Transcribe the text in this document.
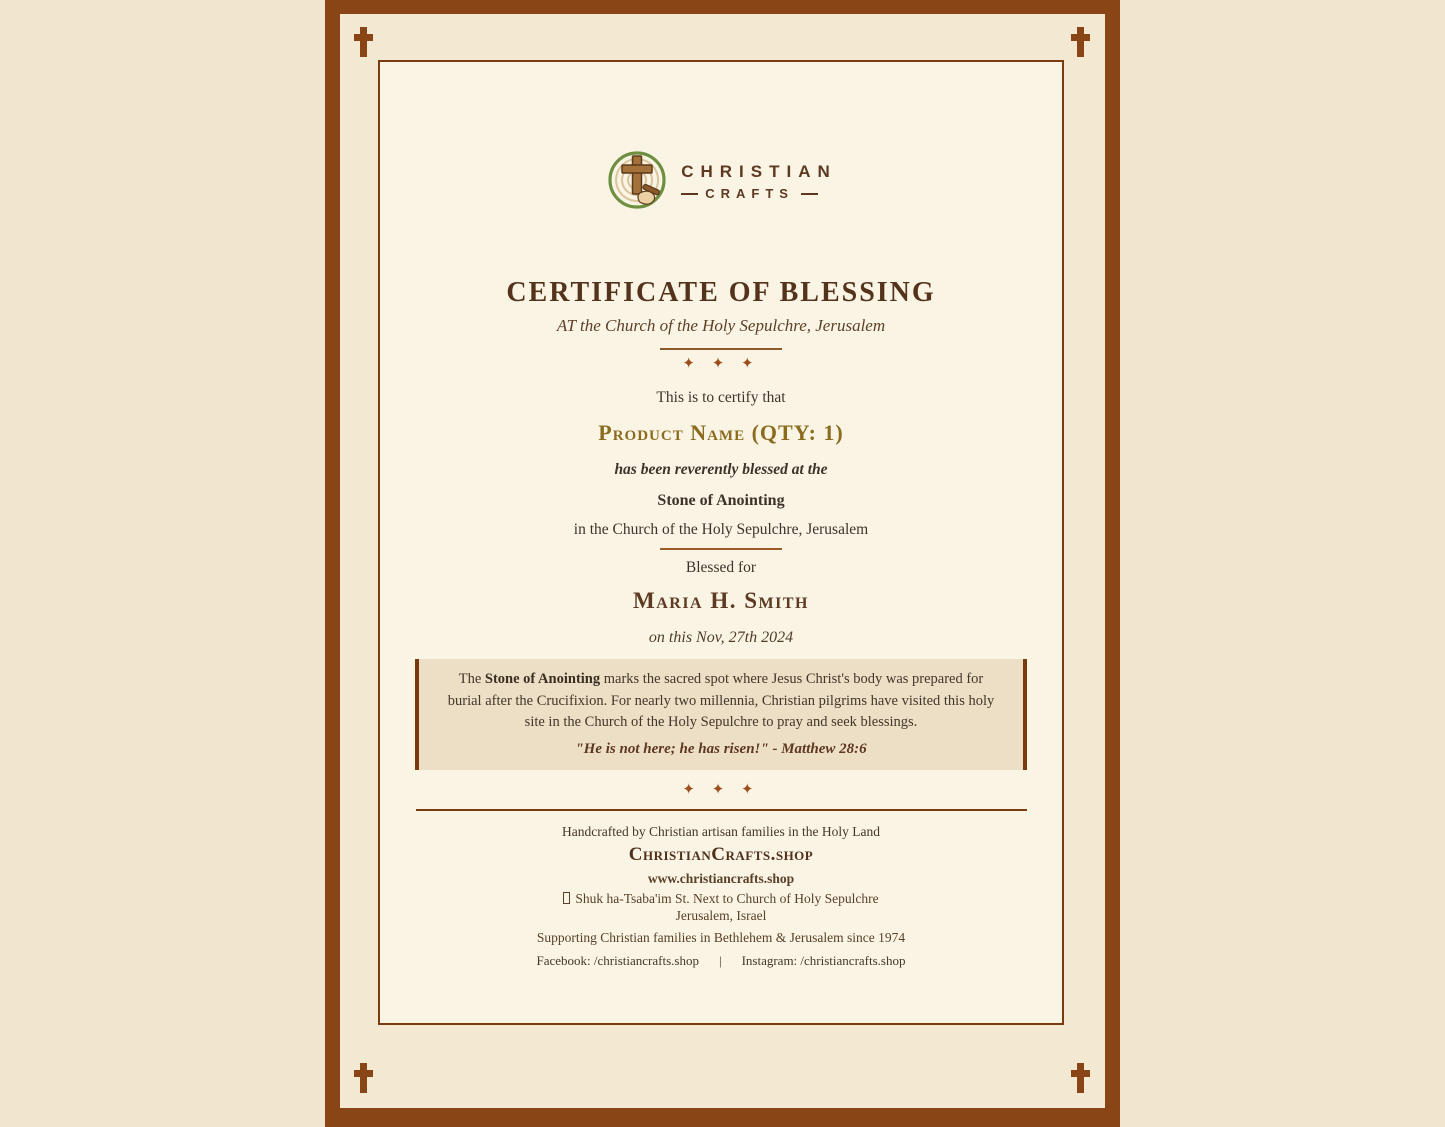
CHRISTIAN
CRAFTS
CERTIFICATE OF BLESSING
AT the Church of the Holy Sepulchre, Jerusalem
✦ ✦ ✦
This is to certify that
Product Name (QTY: 1)
has been reverently blessed at the
Stone of Anointing
in the Church of the Holy Sepulchre, Jerusalem
Blessed for
Maria H. Smith
on this Nov, 27th 2024

The Stone of Anointing marks the sacred spot where Jesus Christ's body was prepared for burial after the Crucifixion. For nearly two millennia, Christian pilgrims have visited this holy site in the Church of the Holy Sepulchre to pray and seek blessings.

"He is not here; he has risen!" - Matthew 28:6

✦ ✦ ✦
Handcrafted by Christian artisan families in the Holy Land
ChristianCrafts.shop
www.christiancrafts.shop
Shuk ha-Tsaba'im St. Next to Church of Holy Sepulchre
Jerusalem, Israel
Supporting Christian families in Bethlehem & Jerusalem since 1974
Facebook: /christiancrafts.shop | Instagram: /christiancrafts.shop
